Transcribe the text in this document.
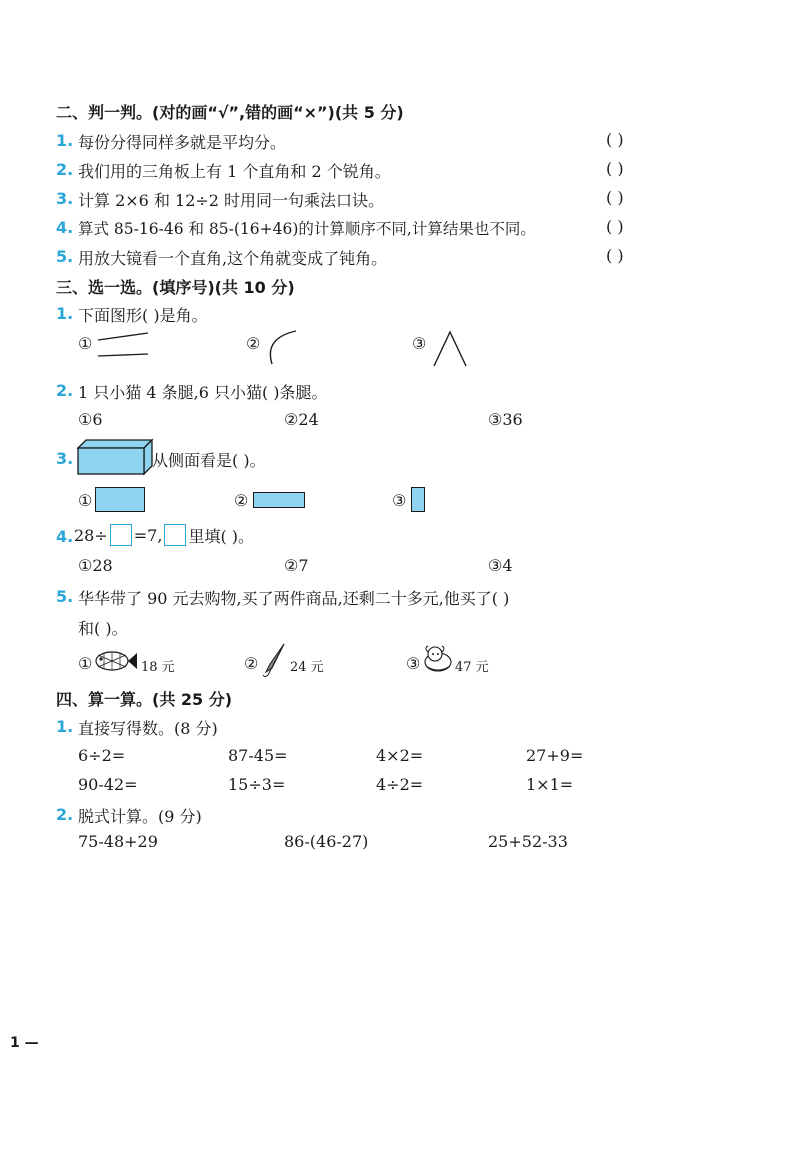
二、判一判。(对的画“√”,错的画“×”)(共 5 分)
1. 每份分得同样多就是平均分。	( )
2. 我们用的三角板上有 1 个直角和 2 个锐角。	( )
3. 计算 2×6 和 12÷2 时用同一句乘法口诀。	( )
4. 算式 85-16-46 和 85-(16+46)的计算顺序不同,计算结果也不同。	( )
5. 用放大镜看一个直角,这个角就变成了钝角。	( )
三、选一选。(填序号)(共 10 分)
1. 下面图形( )是角。
①	②	③
2. 1 只小猫 4 条腿,6 只小猫( )条腿。
①6	②24	③36
3.	从侧面看是( )。
①	②	③
4. 28÷ =7, 里填( )。
①28	②7	③4
5. 华华带了 90 元去购物,买了两件商品,还剩二十多元,他买了( )
和( )。
①	18 元	② 24 元	③	47 元
四、算一算。(共 25 分)
1. 直接写得数。(8 分)
6÷2=	87-45=	4×2=	27+9=
90-42=	15÷3=	4÷2=	1×1=
2. 脱式计算。(9 分)
75-48+29	86-(46-27)	25+52-33
1 —
